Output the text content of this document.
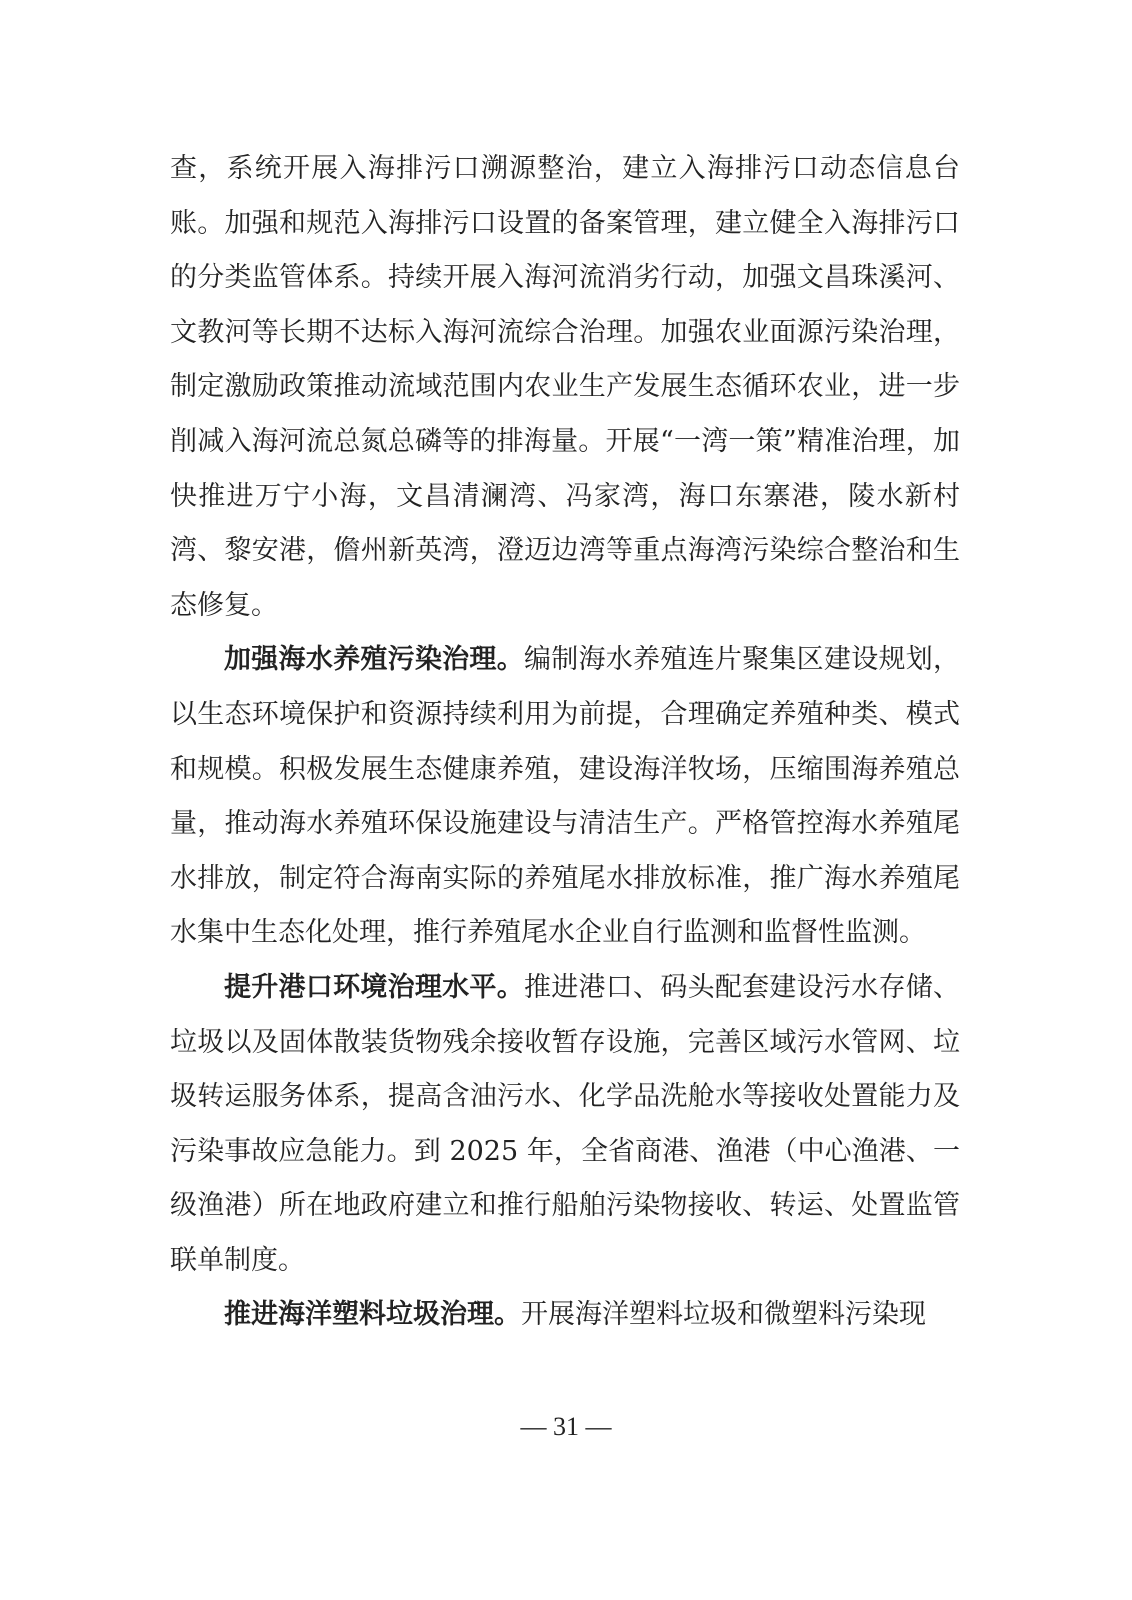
查，系统开展入海排污口溯源整治，建立入海排污口动态信息台账。加强和规范入海排污口设置的备案管理，建立健全入海排污口的分类监管体系。持续开展入海河流消劣行动，加强文昌珠溪河、文教河等长期不达标入海河流综合治理。加强农业面源污染治理，制定激励政策推动流域范围内农业生产发展生态循环农业，进一步削减入海河流总氮总磷等的排海量。开展“一湾一策”精准治理，加快推进万宁小海，文昌清澜湾、冯家湾，海口东寨港，陵水新村湾、黎安港，儋州新英湾，澄迈边湾等重点海湾污染综合整治和生态修复。

加强海水养殖污染治理。编制海水养殖连片聚集区建设规划，以生态环境保护和资源持续利用为前提，合理确定养殖种类、模式和规模。积极发展生态健康养殖，建设海洋牧场，压缩围海养殖总量，推动海水养殖环保设施建设与清洁生产。严格管控海水养殖尾水排放，制定符合海南实际的养殖尾水排放标准，推广海水养殖尾水集中生态化处理，推行养殖尾水企业自行监测和监督性监测。

提升港口环境治理水平。推进港口、码头配套建设污水存储、垃圾以及固体散装货物残余接收暂存设施，完善区域污水管网、垃圾转运服务体系，提高含油污水、化学品洗舱水等接收处置能力及污染事故应急能力。到 2025 年，全省商港、渔港（中心渔港、一级渔港）所在地政府建立和推行船舶污染物接收、转运、处置监管联单制度。

推进海洋塑料垃圾治理。开展海洋塑料垃圾和微塑料污染现

— 31 —
